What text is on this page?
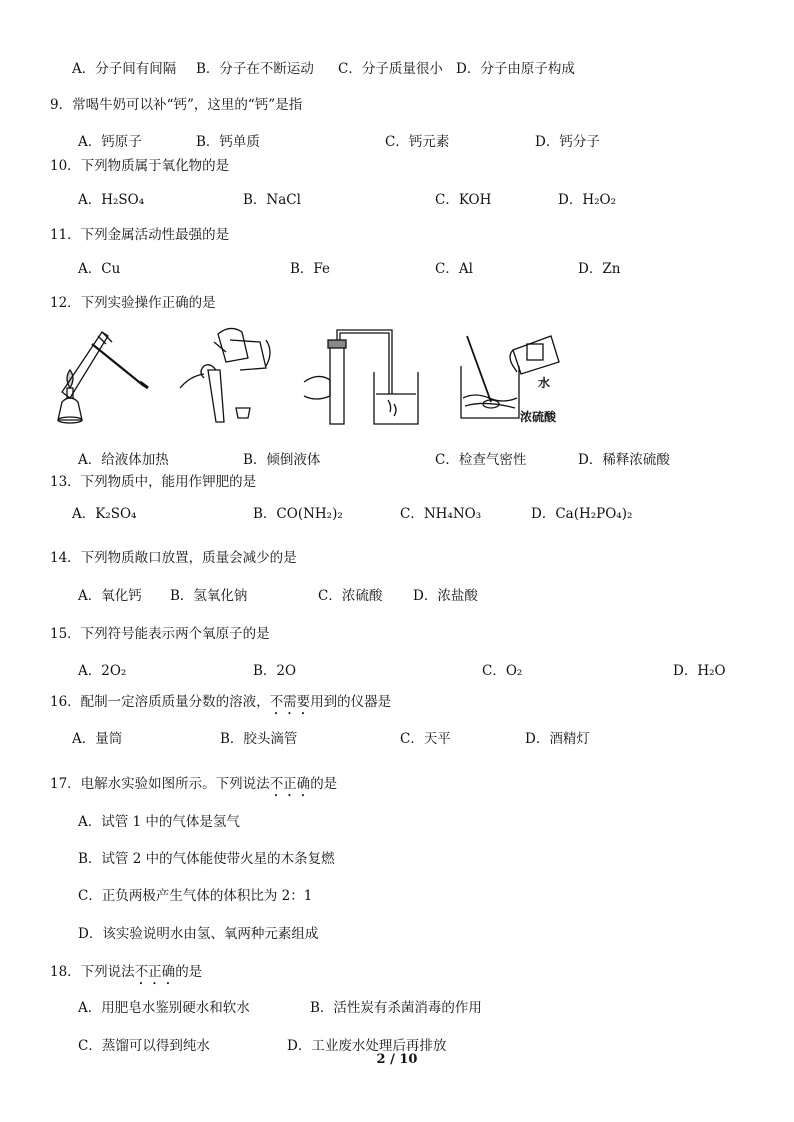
A．分子间有间隔 B．分子在不断运动 C．分子质量很小 D．分子由原子构成
9．常喝牛奶可以补“钙”，这里的“钙”是指
A．钙原子	B．钙单质	C．钙元素	D．钙分子
10．下列物质属于氧化物的是
A．H₂SO₄	B．NaCl	C．KOH	D．H₂O₂
11．下列金属活动性最强的是
A．Cu	B．Fe	C．Al	D．Zn
12．下列实验操作正确的是
水
浓硫酸
A．给液体加热	B．倾倒液体	C．检查气密性	D．稀释浓硫酸
13．下列物质中，能用作钾肥的是
A．K₂SO₄	B．CO(NH₂)₂	C．NH₄NO₃	D．Ca(H₂PO₄)₂
14．下列物质敞口放置，质量会减少的是
A．氧化钙 B．氢氧化钠	C．浓硫酸 D．浓盐酸
15．下列符号能表示两个氧原子的是
A．2O₂	B．2O	C．O₂	D．H₂O
16．配制一定溶质质量分数的溶液，不需要用到的仪器是
A．量筒	B．胶头滴管	C．天平	D．酒精灯
17．电解水实验如图所示。下列说法不正确的是
A．试管 1 中的气体是氢气
B．试管 2 中的气体能使带火星的木条复燃
C．正负两极产生气体的体积比为 2：1
D．该实验说明水由氢、氧两种元素组成
18．下列说法不正确的是
A．用肥皂水鉴别硬水和软水	B．活性炭有杀菌消毒的作用
C．蒸馏可以得到纯水	D．工业废水处理后再排放
2 / 10
